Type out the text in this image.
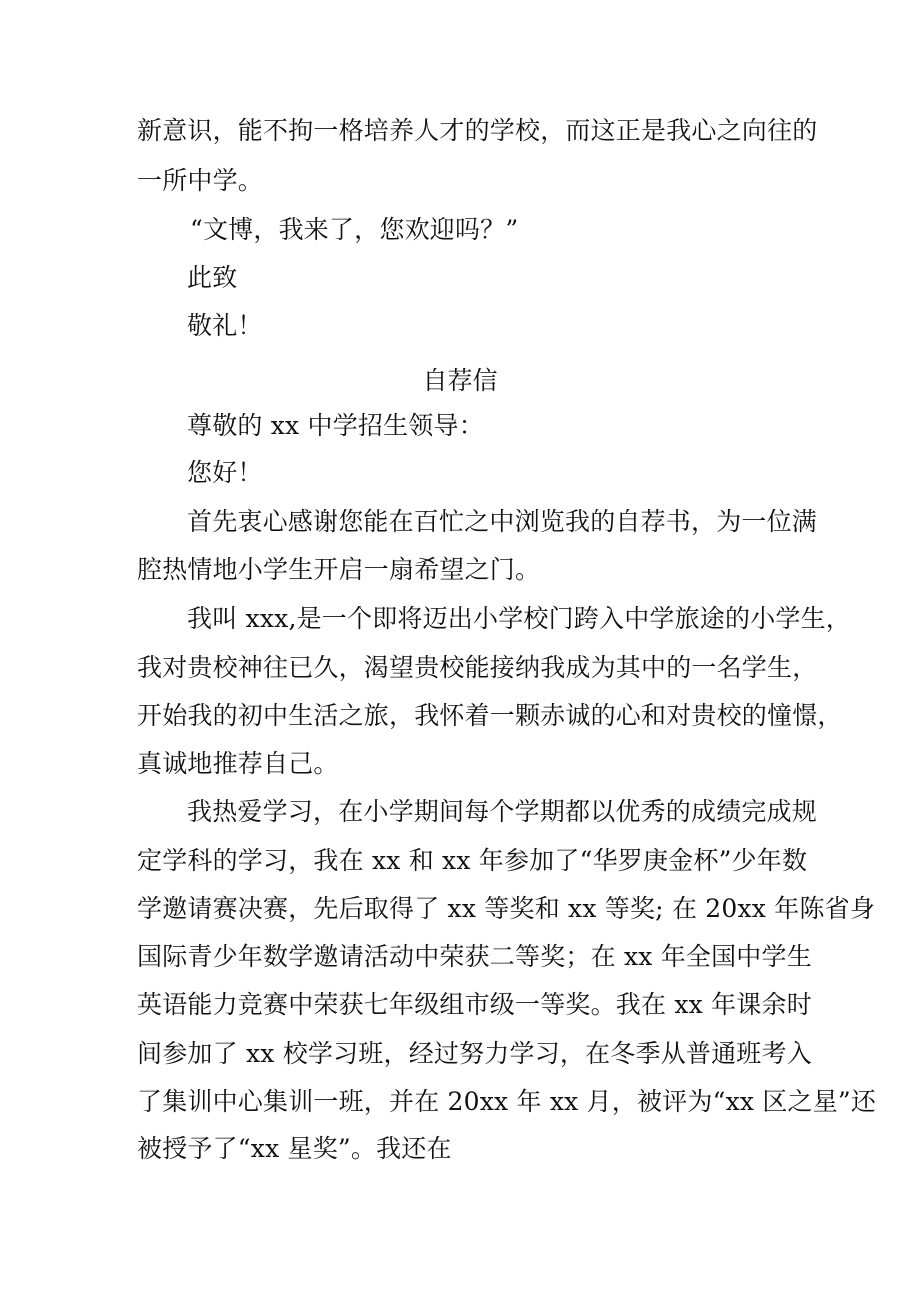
新意识，能不拘一格培养人才的学校，而这正是我心之向往的
一所中学。
“文博，我来了，您欢迎吗？”
此致
敬礼！
自荐信
尊敬的 xx 中学招生领导：
您好！
首先衷心感谢您能在百忙之中浏览我的自荐书，为一位满
腔热情地小学生开启一扇希望之门。
我叫 xxx,是一个即将迈出小学校门跨入中学旅途的小学生，
我对贵校神往已久，渴望贵校能接纳我成为其中的一名学生，
开始我的初中生活之旅，我怀着一颗赤诚的心和对贵校的憧憬，
真诚地推荐自己。
我热爱学习，在小学期间每个学期都以优秀的成绩完成规
定学科的学习，我在 xx 和 xx 年参加了“华罗庚金杯”少年数
学邀请赛决赛，先后取得了 xx 等奖和 xx 等奖; 在 20xx 年陈省身
国际青少年数学邀请活动中荣获二等奖；在 xx 年全国中学生
英语能力竞赛中荣获七年级组市级一等奖。我在 xx 年课余时
间参加了 xx 校学习班，经过努力学习，在冬季从普通班考入
了集训中心集训一班，并在 20xx 年 xx 月，被评为“xx 区之星”还
被授予了“xx 星奖”。我还在
